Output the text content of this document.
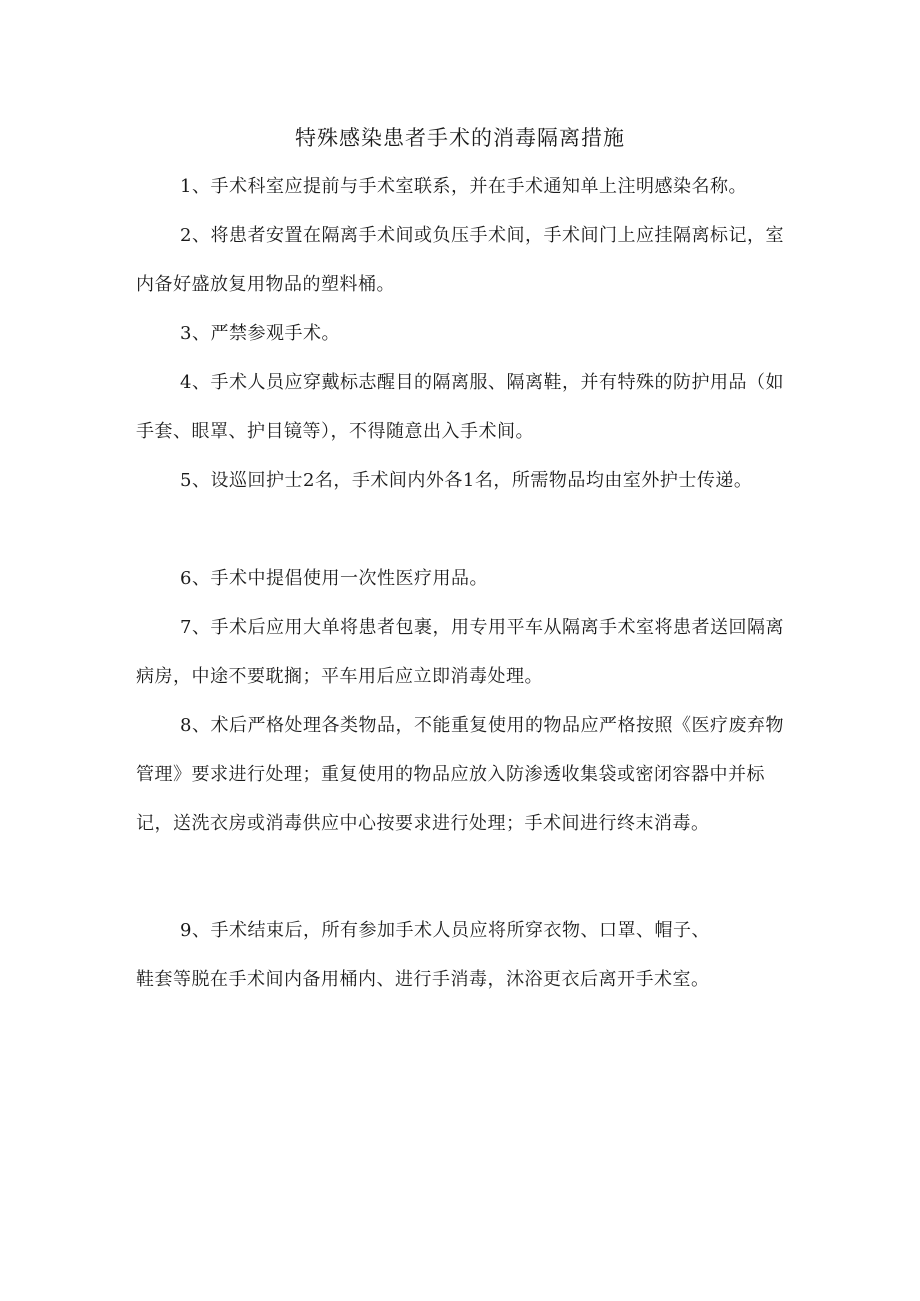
特殊感染患者手术的消毒隔离措施

1、手术科室应提前与手术室联系，并在手术通知单上注明感染名称。

2、将患者安置在隔离手术间或负压手术间，手术间门上应挂隔离标记，室内备好盛放复用物品的塑料桶。

3、严禁参观手术。

4、手术人员应穿戴标志醒目的隔离服、隔离鞋，并有特殊的防护用品（如手套、眼罩、护目镜等），不得随意出入手术间。

5、设巡回护士2名，手术间内外各1名，所需物品均由室外护士传递。

6、手术中提倡使用一次性医疗用品。

7、手术后应用大单将患者包裹，用专用平车从隔离手术室将患者送回隔离病房，中途不要耽搁；平车用后应立即消毒处理。

8、术后严格处理各类物品，不能重复使用的物品应严格按照《医疗废弃物管理》要求进行处理；重复使用的物品应放入防渗透收集袋或密闭容器中并标记，送洗衣房或消毒供应中心按要求进行处理；手术间进行终末消毒。

9、手术结束后，所有参加手术人员应将所穿衣物、口罩、帽子、
鞋套等脱在手术间内备用桶内、进行手消毒，沐浴更衣后离开手术室。
